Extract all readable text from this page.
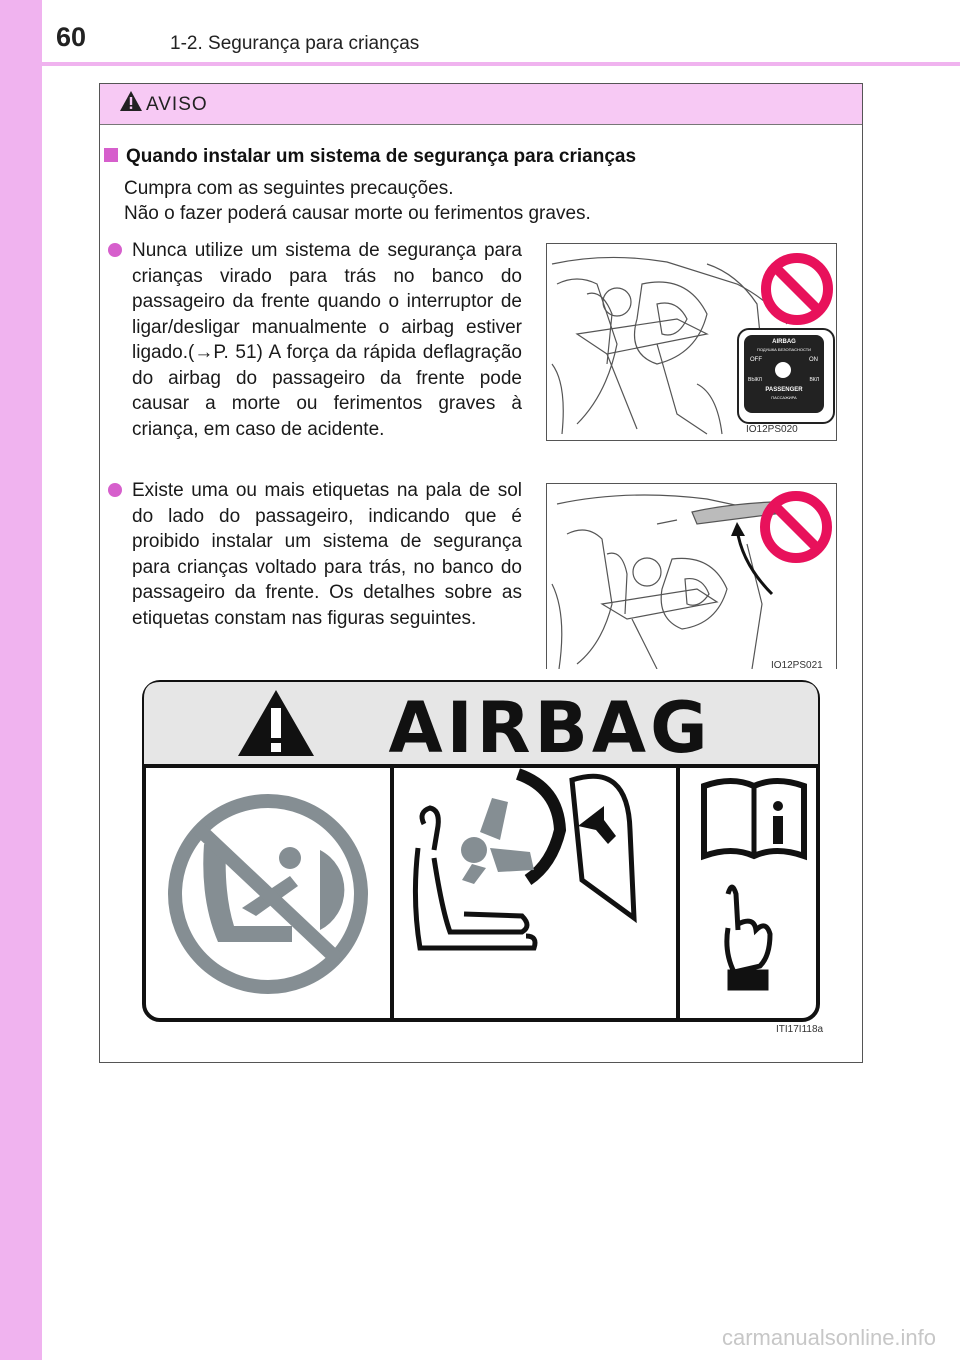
60	1-2. Segurança para crianças
AVISO
Quando instalar um sistema de segurança para crianças
Cumpra com as seguintes precauções.
Não o fazer poderá causar morte ou ferimentos graves.
Nunca utilize um sistema de segurança para crianças virado para trás no banco do passageiro da frente quando o interruptor de ligar/desligar manualmente o airbag estiver ligado.(→P. 51) A força da rápida deflagração do airbag do passageiro da frente pode causar a morte ou ferimentos graves à criança, em caso de acidente.
AIRBAG
ПОДУШКА БЕЗОПАСНОСТИ
OFF	ON
ВЫКЛ	ВКЛ
PASSENGER
ПАССАЖИРА
IO12PS020
Existe uma ou mais etiquetas na pala de sol do lado do passageiro, indicando que é proibido instalar um sistema de segurança para crianças voltado para trás, no banco do passageiro da frente. Os detalhes sobre as etiquetas constam nas figuras seguintes.
IO12PS021
AIRBAG
ITI17I118a
carmanualsonline.info
